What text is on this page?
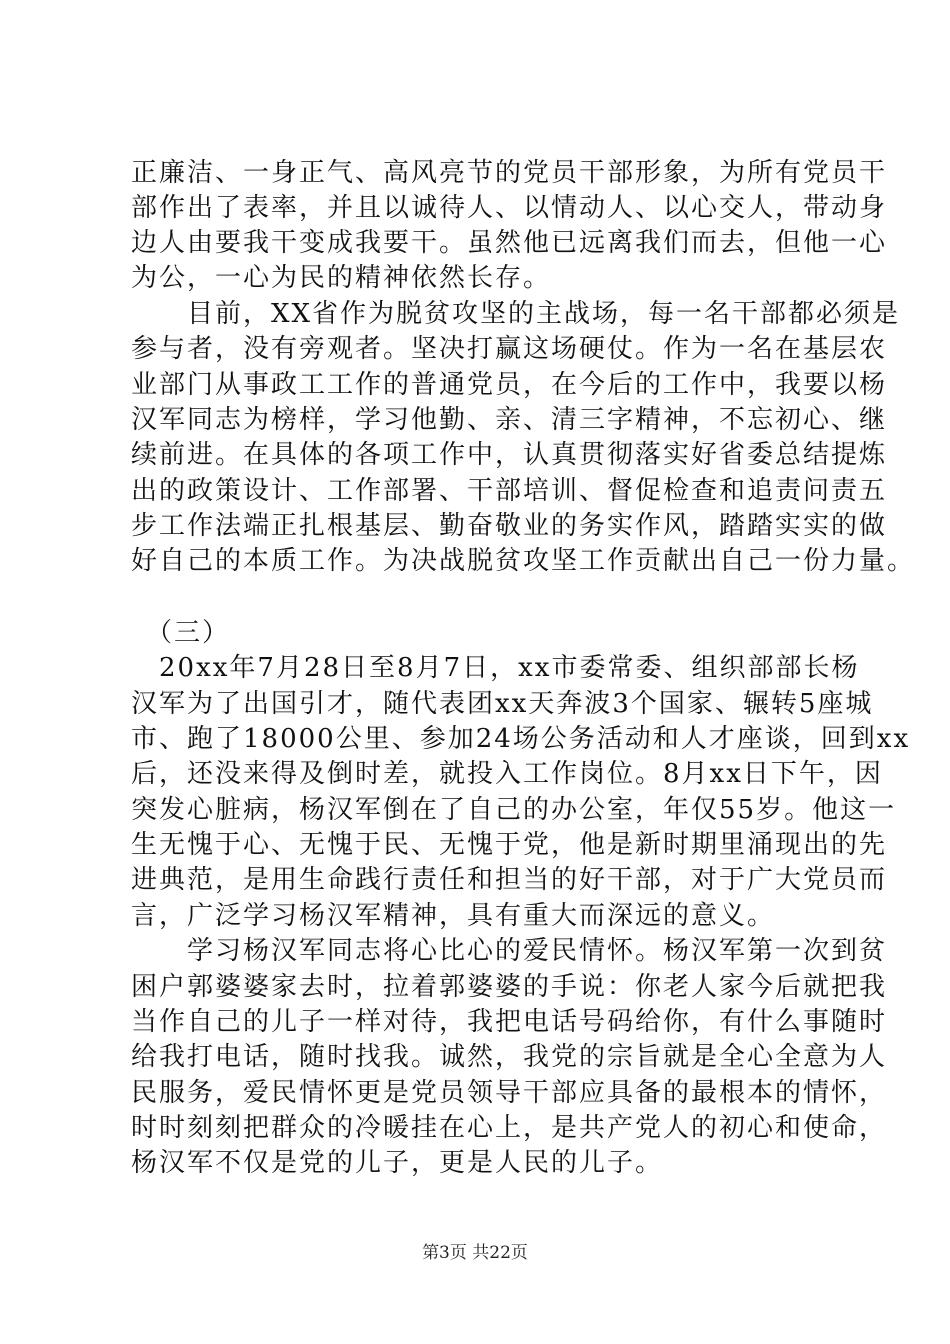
正廉洁、一身正气、高风亮节的党员干部形象，为所有党员干
部作出了表率，并且以诚待人、以情动人、以心交人，带动身
边人由要我干变成我要干。虽然他已远离我们而去，但他一心
为公，一心为民的精神依然长存。
　　目前，XX省作为脱贫攻坚的主战场，每一名干部都必须是
参与者，没有旁观者。坚决打赢这场硬仗。作为一名在基层农
业部门从事政工工作的普通党员，在今后的工作中，我要以杨
汉军同志为榜样，学习他勤、亲、清三字精神，不忘初心、继
续前进。在具体的各项工作中，认真贯彻落实好省委总结提炼
出的政策设计、工作部署、干部培训、督促检查和追责问责五
步工作法端正扎根基层、勤奋敬业的务实作风，踏踏实实的做
好自己的本质工作。为决战脱贫攻坚工作贡献出自己一份力量。
　（三）
　20xx年7月28日至8月7日，xx市委常委、组织部部长杨
汉军为了出国引才，随代表团xx天奔波3个国家、辗转5座城
市、跑了18000公里、参加24场公务活动和人才座谈，回到xx
后，还没来得及倒时差，就投入工作岗位。8月xx日下午，因
突发心脏病，杨汉军倒在了自己的办公室，年仅55岁。他这一
生无愧于心、无愧于民、无愧于党，他是新时期里涌现出的先
进典范，是用生命践行责任和担当的好干部，对于广大党员而
言，广泛学习杨汉军精神，具有重大而深远的意义。
　　学习杨汉军同志将心比心的爱民情怀。杨汉军第一次到贫
困户郭婆婆家去时，拉着郭婆婆的手说：你老人家今后就把我
当作自己的儿子一样对待，我把电话号码给你，有什么事随时
给我打电话，随时找我。诚然，我党的宗旨就是全心全意为人
民服务，爱民情怀更是党员领导干部应具备的最根本的情怀，
时时刻刻把群众的冷暖挂在心上，是共产党人的初心和使命，
杨汉军不仅是党的儿子，更是人民的儿子。
第3页 共22页
